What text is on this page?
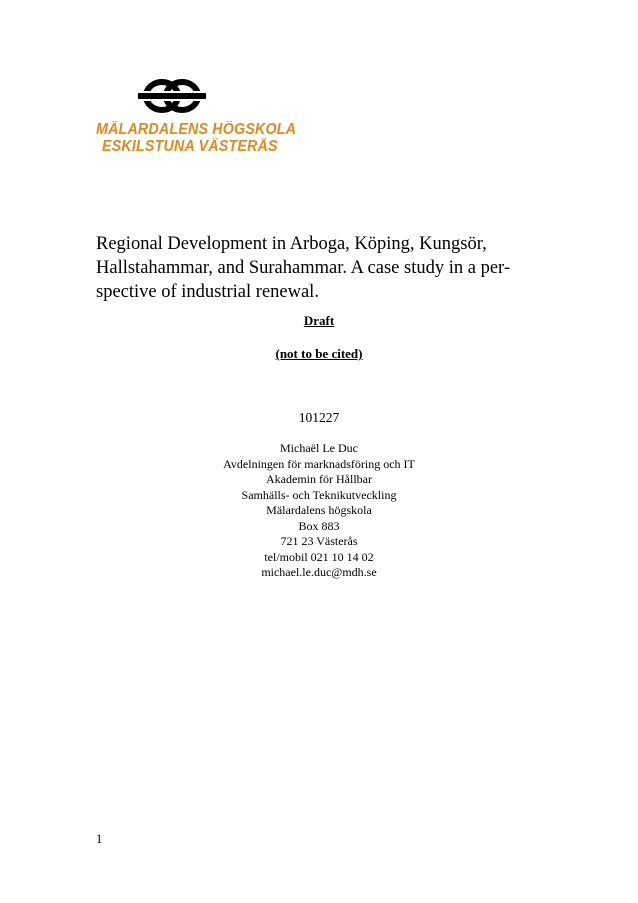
MÄLARDALENS HÖGSKOLA
ESKILSTUNA VÄSTERÅS
Regional Development in Arboga, Köping, Kungsör, Hallstahammar, and Surahammar. A case study in a per-spective of industrial renewal.
Draft
(not to be cited)
101227
Michaël Le Duc
Avdelningen för marknadsföring och IT
Akademin för Hållbar
Samhälls- och Teknikutveckling
Mälardalens högskola
Box 883
721 23 Västerås
tel/mobil 021 10 14 02
michael.le.duc@mdh.se
1
